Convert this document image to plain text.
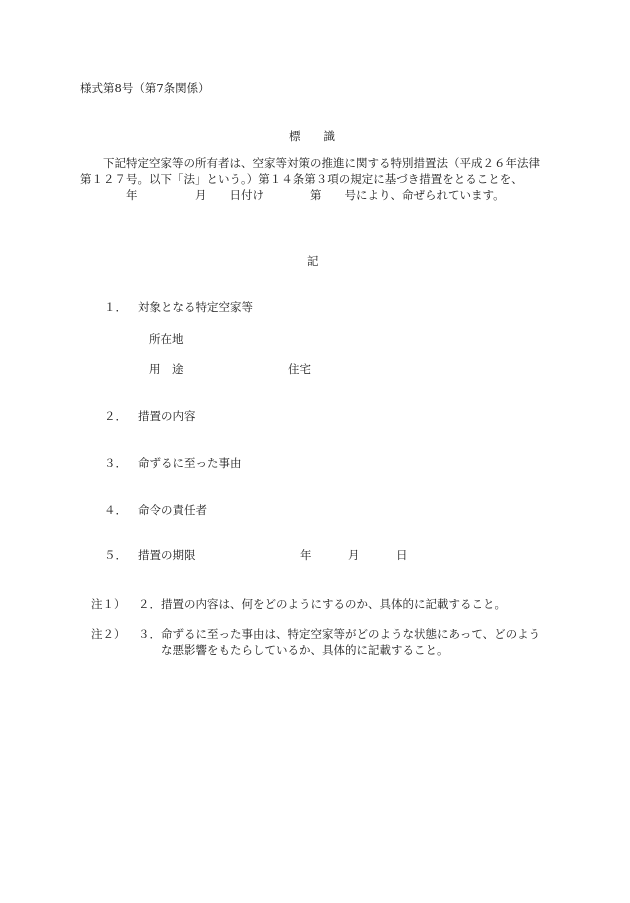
様式第8号（第7条関係）
標　　識
　　下記特定空家等の所有者は、空家等対策の推進に関する特別措置法（平成２６年法律
第１２７号。以下「法」という。）第１４条第３項の規定に基づき措置をとることを、
　　　　年　　　　　月　　日付け　　　　第　　号により、命ぜられています。
記
１． 対象となる特定空家等
所在地
用　途	住宅
２． 措置の内容
３． 命ずるに至った事由
４． 命令の責任者
５． 措置の期限	年	月	日
注１） ２．措置の内容は、何をどのようにするのか、具体的に記載すること。
注２） ３．命ずるに至った事由は、特定空家等がどのような状態にあって、どのよう
な悪影響をもたらしているか、具体的に記載すること。
